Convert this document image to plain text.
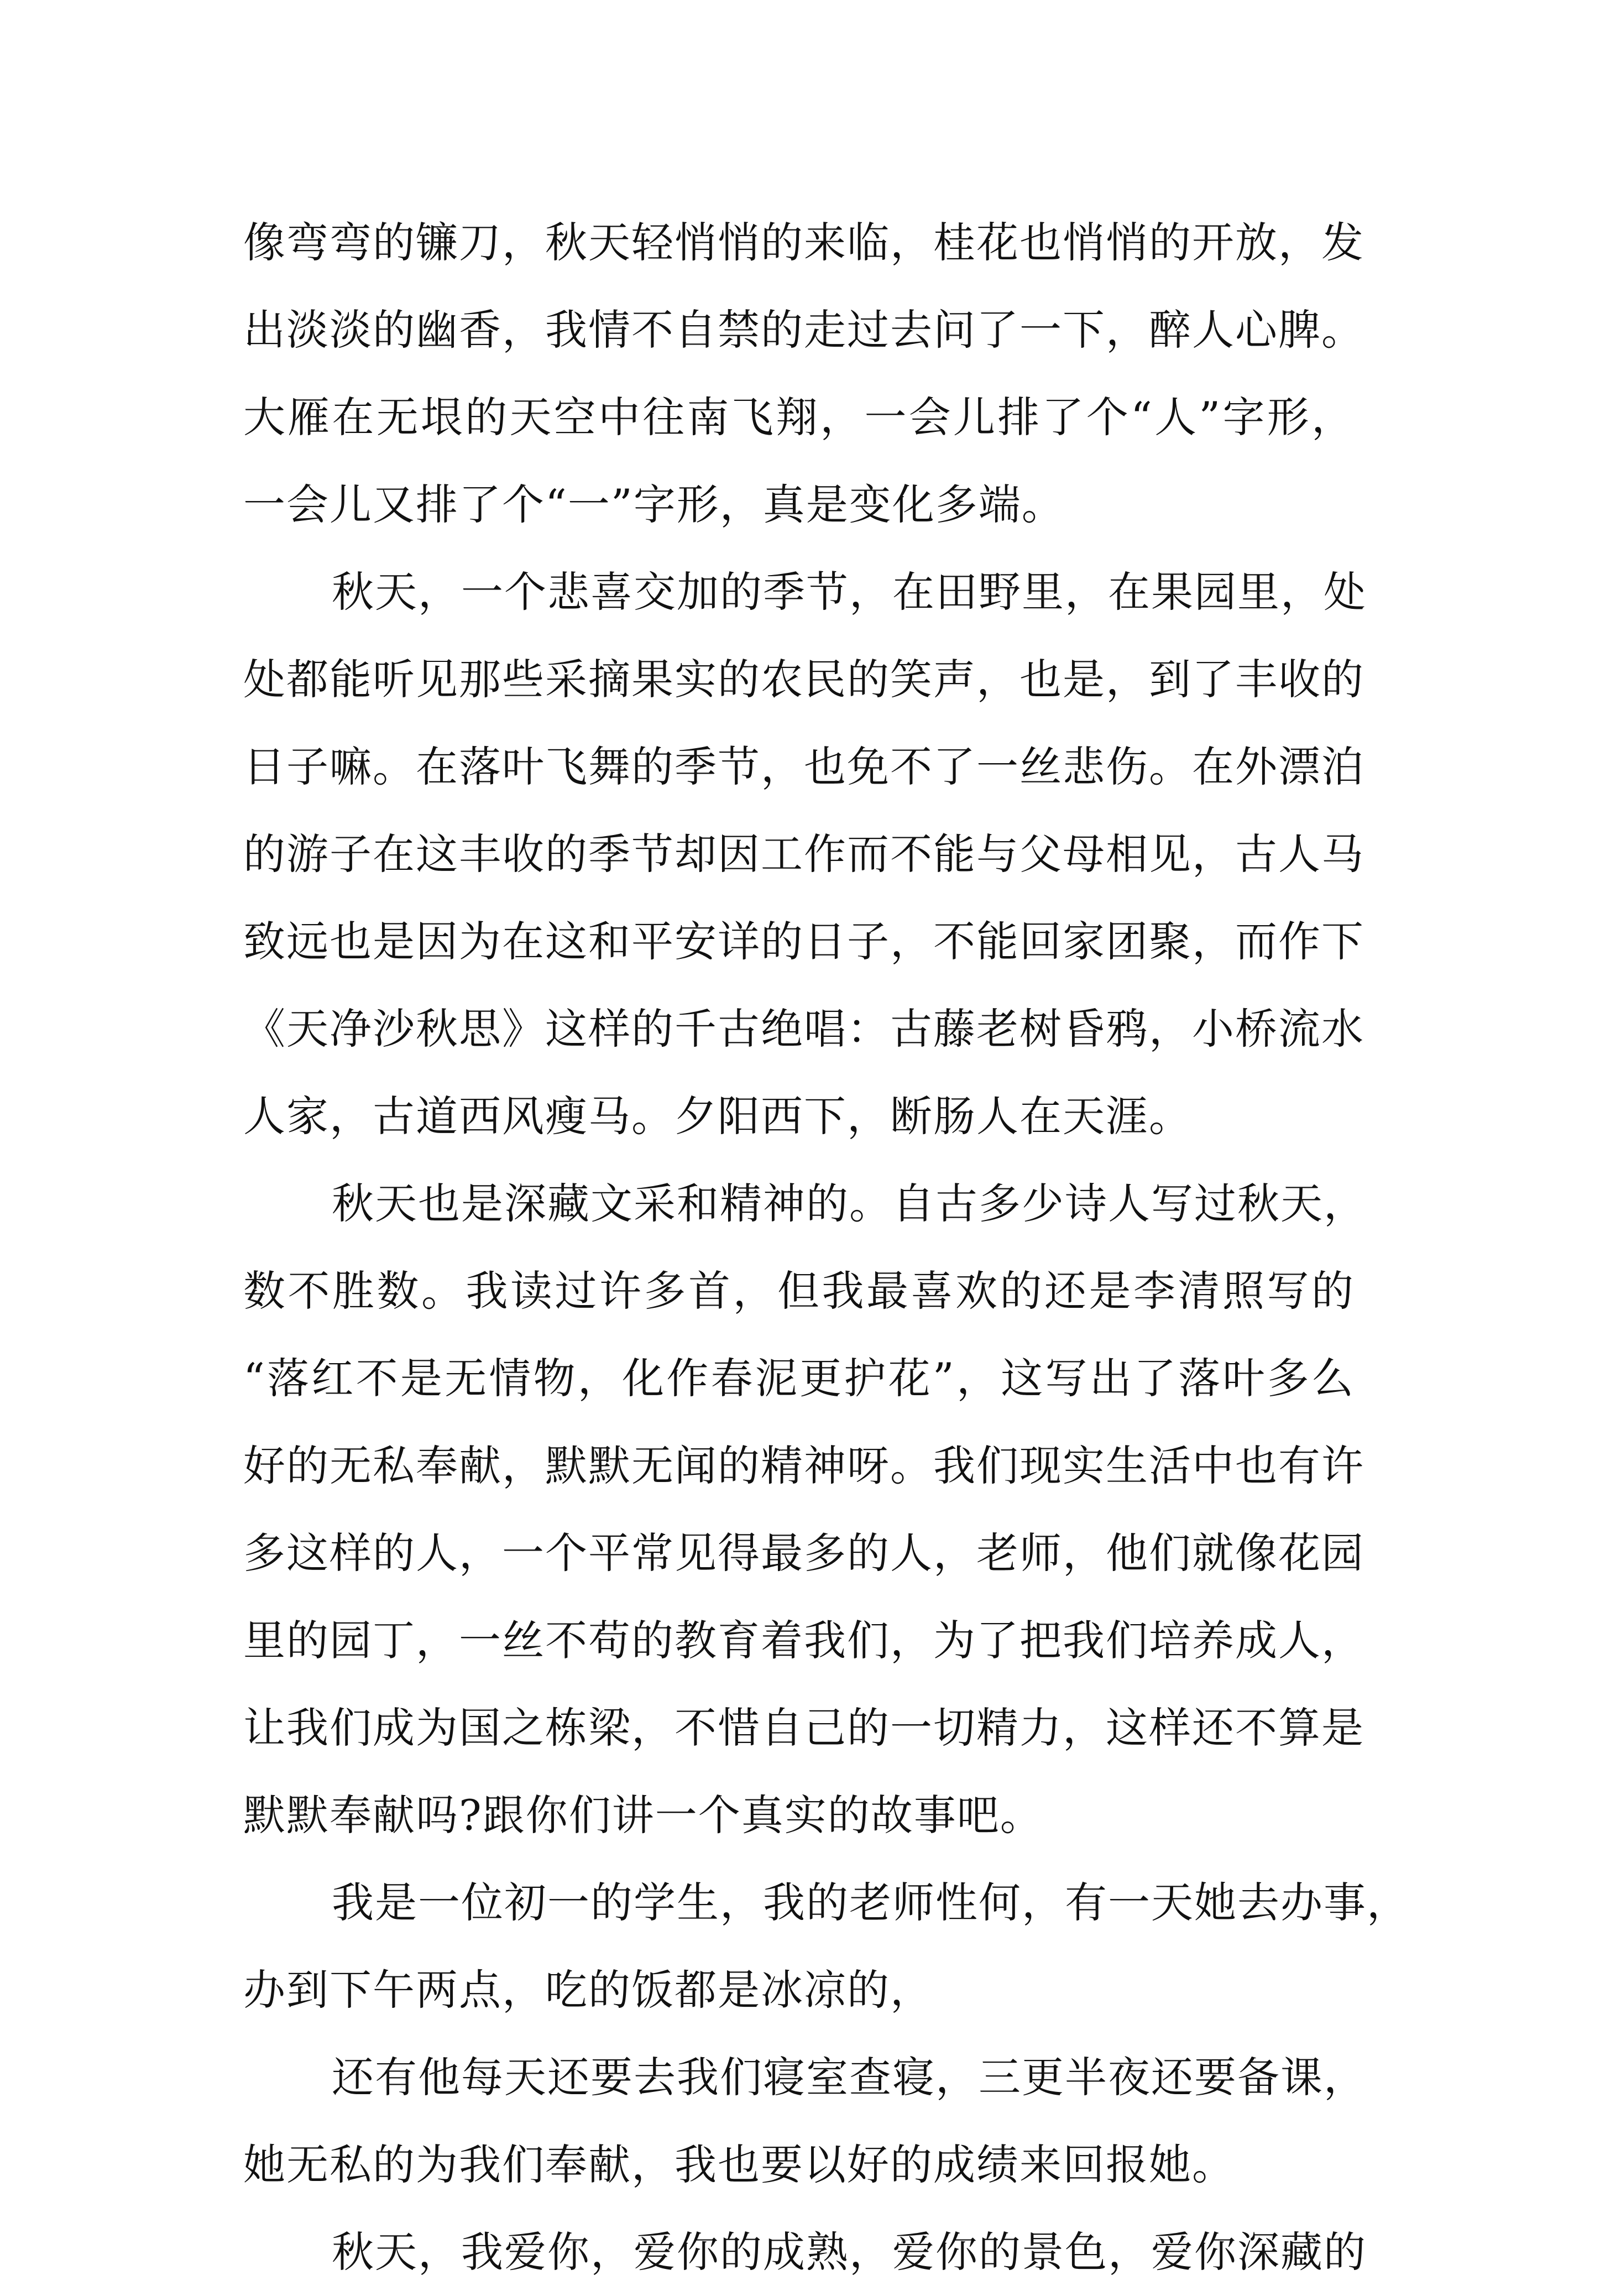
像弯弯的镰刀，秋天轻悄悄的来临，桂花也悄悄的开放，发
出淡淡的幽香，我情不自禁的走过去问了一下，醉人心脾。
大雁在无垠的天空中往南飞翔，一会儿排了个“人”字形，
一会儿又排了个“一”字形，真是变化多端。
秋天，一个悲喜交加的季节，在田野里，在果园里，处
处都能听见那些采摘果实的农民的笑声，也是，到了丰收的
日子嘛。在落叶飞舞的季节，也免不了一丝悲伤。在外漂泊
的游子在这丰收的季节却因工作而不能与父母相见，古人马
致远也是因为在这和平安详的日子，不能回家团聚，而作下
《天净沙秋思》这样的千古绝唱：古藤老树昏鸦，小桥流水
人家，古道西风瘦马。夕阳西下，断肠人在天涯。
秋天也是深藏文采和精神的。自古多少诗人写过秋天，
数不胜数。我读过许多首，但我最喜欢的还是李清照写的
“落红不是无情物，化作春泥更护花”，这写出了落叶多么
好的无私奉献，默默无闻的精神呀。我们现实生活中也有许
多这样的人，一个平常见得最多的人，老师，他们就像花园
里的园丁，一丝不苟的教育着我们，为了把我们培养成人，
让我们成为国之栋梁，不惜自己的一切精力，这样还不算是
默默奉献吗?跟你们讲一个真实的故事吧。
我是一位初一的学生，我的老师性何，有一天她去办事，
办到下午两点，吃的饭都是冰凉的，
还有他每天还要去我们寝室查寝，三更半夜还要备课，
她无私的为我们奉献，我也要以好的成绩来回报她。
秋天，我爱你，爱你的成熟，爱你的景色，爱你深藏的
